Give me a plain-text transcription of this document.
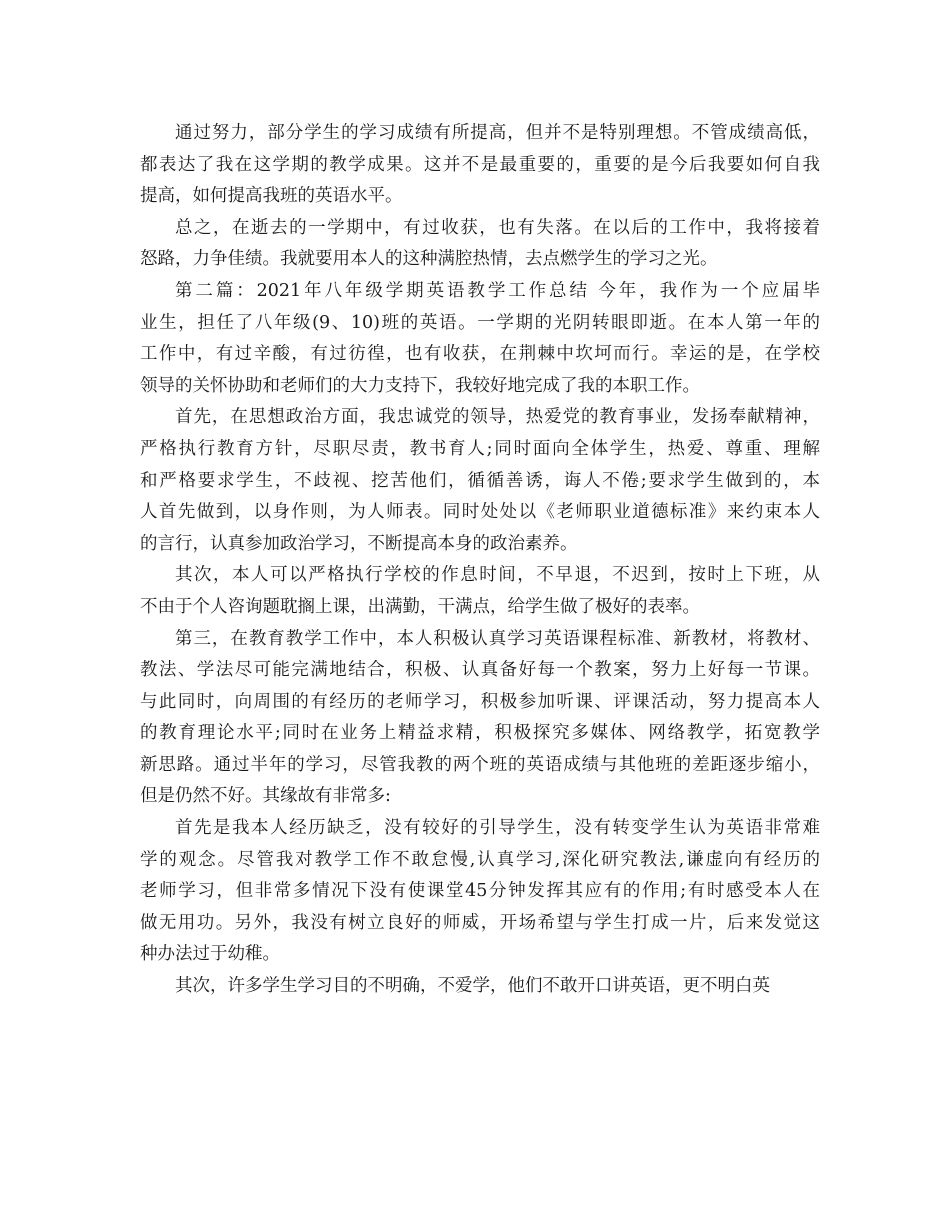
通过努力，部分学生的学习成绩有所提高，但并不是特别理想。不管成绩高低，
都表达了我在这学期的教学成果。这并不是最重要的，重要的是今后我要如何自我
提高，如何提高我班的英语水平。
总之，在逝去的一学期中，有过收获，也有失落。在以后的工作中，我将接着
怒路，力争佳绩。我就要用本人的这种满腔热情，去点燃学生的学习之光。
第二篇：2021年八年级学期英语教学工作总结 今年，我作为一个应届毕
业生，担任了八年级(9、10)班的英语。一学期的光阴转眼即逝。在本人第一年的
工作中，有过辛酸，有过彷徨，也有收获，在荆棘中坎坷而行。幸运的是，在学校
领导的关怀协助和老师们的大力支持下，我较好地完成了我的本职工作。
首先，在思想政治方面，我忠诚党的领导，热爱党的教育事业，发扬奉献精神，
严格执行教育方针，尽职尽责，教书育人;同时面向全体学生，热爱、尊重、理解
和严格要求学生，不歧视、挖苦他们，循循善诱，诲人不倦;要求学生做到的，本
人首先做到，以身作则，为人师表。同时处处以《老师职业道德标准》来约束本人
的言行，认真参加政治学习，不断提高本身的政治素养。
其次，本人可以严格执行学校的作息时间，不早退，不迟到，按时上下班，从
不由于个人咨询题耽搁上课，出满勤，干满点，给学生做了极好的表率。
第三，在教育教学工作中，本人积极认真学习英语课程标准、新教材，将教材、
教法、学法尽可能完满地结合，积极、认真备好每一个教案，努力上好每一节课。
与此同时，向周围的有经历的老师学习，积极参加听课、评课活动，努力提高本人
的教育理论水平;同时在业务上精益求精，积极探究多媒体、网络教学，拓宽教学
新思路。通过半年的学习，尽管我教的两个班的英语成绩与其他班的差距逐步缩小，
但是仍然不好。其缘故有非常多:
首先是我本人经历缺乏，没有较好的引导学生，没有转变学生认为英语非常难
学的观念。尽管我对教学工作不敢怠慢,认真学习,深化研究教法,谦虚向有经历的
老师学习，但非常多情况下没有使课堂45分钟发挥其应有的作用;有时感受本人在
做无用功。另外，我没有树立良好的师威，开场希望与学生打成一片，后来发觉这
种办法过于幼稚。
其次，许多学生学习目的不明确，不爱学，他们不敢开口讲英语，更不明白英
